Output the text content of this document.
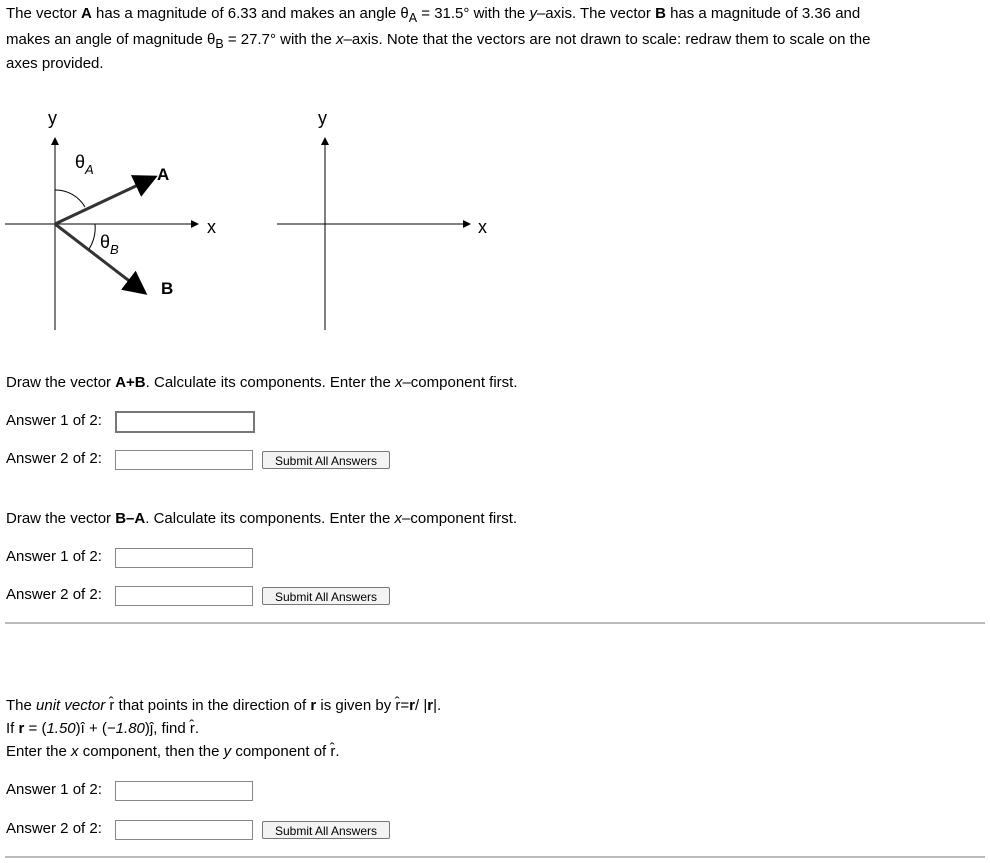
The vector A has a magnitude of 6.33 and makes an angle $\theta_A = 31.5^\circ$ with the y–axis. The vector B has a magnitude of 3.36 and
makes an angle of magnitude $\theta_B = 27.7^\circ$ with the x–axis. Note that the vectors are not drawn to scale: redraw them to scale on the
axes provided.
y
x
$\theta_A$
$\theta_B$
A
B
y
x
Draw the vector A+B. Calculate its components. Enter the x–component first.
Answer 1 of 2:
Answer 2 of 2:	Submit All Answers
Draw the vector B–A. Calculate its components. Enter the x–component first.
Answer 1 of 2:
Answer 2 of 2:	Submit All Answers
The unit vector r̂ that points in the direction of r is given by r̂=r/ |r|.
If r = (1.50)î + (−1.80)ĵ, find r̂.
Enter the x component, then the y component of r̂.
Answer 1 of 2:
Answer 2 of 2:	Submit All Answers
